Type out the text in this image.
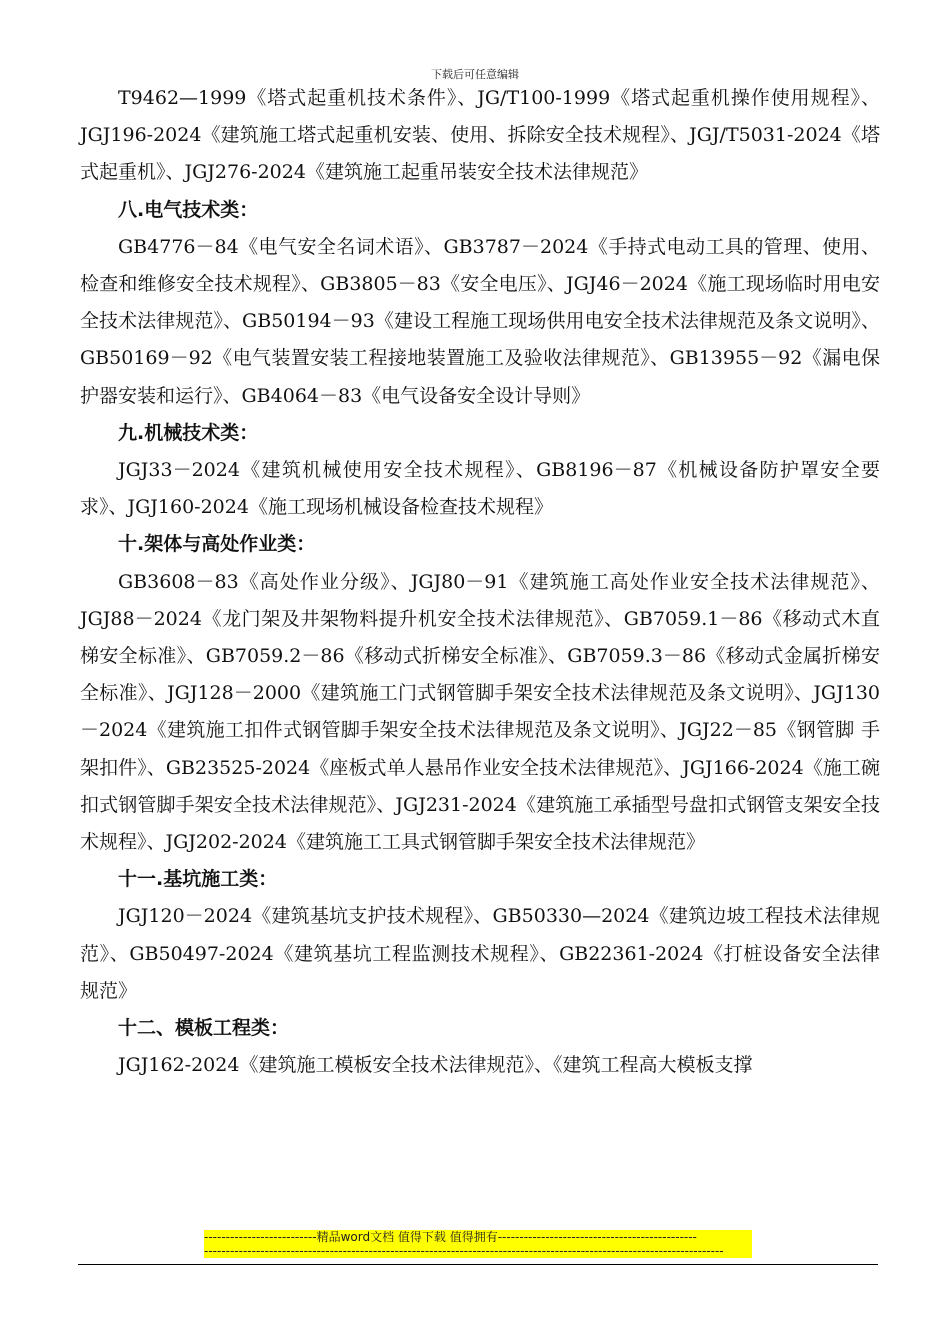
下载后可任意编辑

T9462—1999《塔式起重机技术条件》、JG/T100-1999《塔式起重机操作使用规程》、JGJ196-2024《建筑施工塔式起重机安装、使用、拆除安全技术规程》、JGJ/T5031-2024《塔式起重机》、JGJ276-2024《建筑施工起重吊装安全技术法律规范》

八.电气技术类：

GB4776－84《电气安全名词术语》、GB3787－2024《手持式电动工具的管理、使用、检查和维修安全技术规程》、GB3805－83《安全电压》、JGJ46－2024《施工现场临时用电安全技术法律规范》、GB50194－93《建设工程施工现场供用电安全技术法律规范及条文说明》、GB50169－92《电气装置安装工程接地装置施工及验收法律规范》、GB13955－92《漏电保护器安装和运行》、GB4064－83《电气设备安全设计导则》

九.机械技术类：

JGJ33－2024《建筑机械使用安全技术规程》、GB8196－87《机械设备防护罩安全要求》、JGJ160-2024《施工现场机械设备检查技术规程》

十.架体与高处作业类：

GB3608－83《高处作业分级》、JGJ80－91《建筑施工高处作业安全技术法律规范》、JGJ88－2024《龙门架及井架物料提升机安全技术法律规范》、GB7059.1－86《移动式木直梯安全标准》、GB7059.2－86《移动式折梯安全标准》、GB7059.3－86《移动式金属折梯安全标准》、JGJ128－2000《建筑施工门式钢管脚手架安全技术法律规范及条文说明》、JGJ130－2024《建筑施工扣件式钢管脚手架安全技术法律规范及条文说明》、JGJ22－85《钢管脚 手架扣件》、GB23525-2024《座板式单人悬吊作业安全技术法律规范》、JGJ166-2024《施工碗扣式钢管脚手架安全技术法律规范》、JGJ231-2024《建筑施工承插型号盘扣式钢管支架安全技术规程》、JGJ202-2024《建筑施工工具式钢管脚手架安全技术法律规范》

十一.基坑施工类：

JGJ120－2024《建筑基坑支护技术规程》、GB50330—2024《建筑边坡工程技术法律规范》、GB50497-2024《建筑基坑工程监测技术规程》、GB22361-2024《打桩设备安全法律规范》

十二、模板工程类：

JGJ162-2024《建筑施工模板安全技术法律规范》、《建筑工程高大模板支撑

--------------------------精品word文档 值得下载 值得拥有----------------------------------------------
------------------------------------------------------------------------------------------------------------------------
